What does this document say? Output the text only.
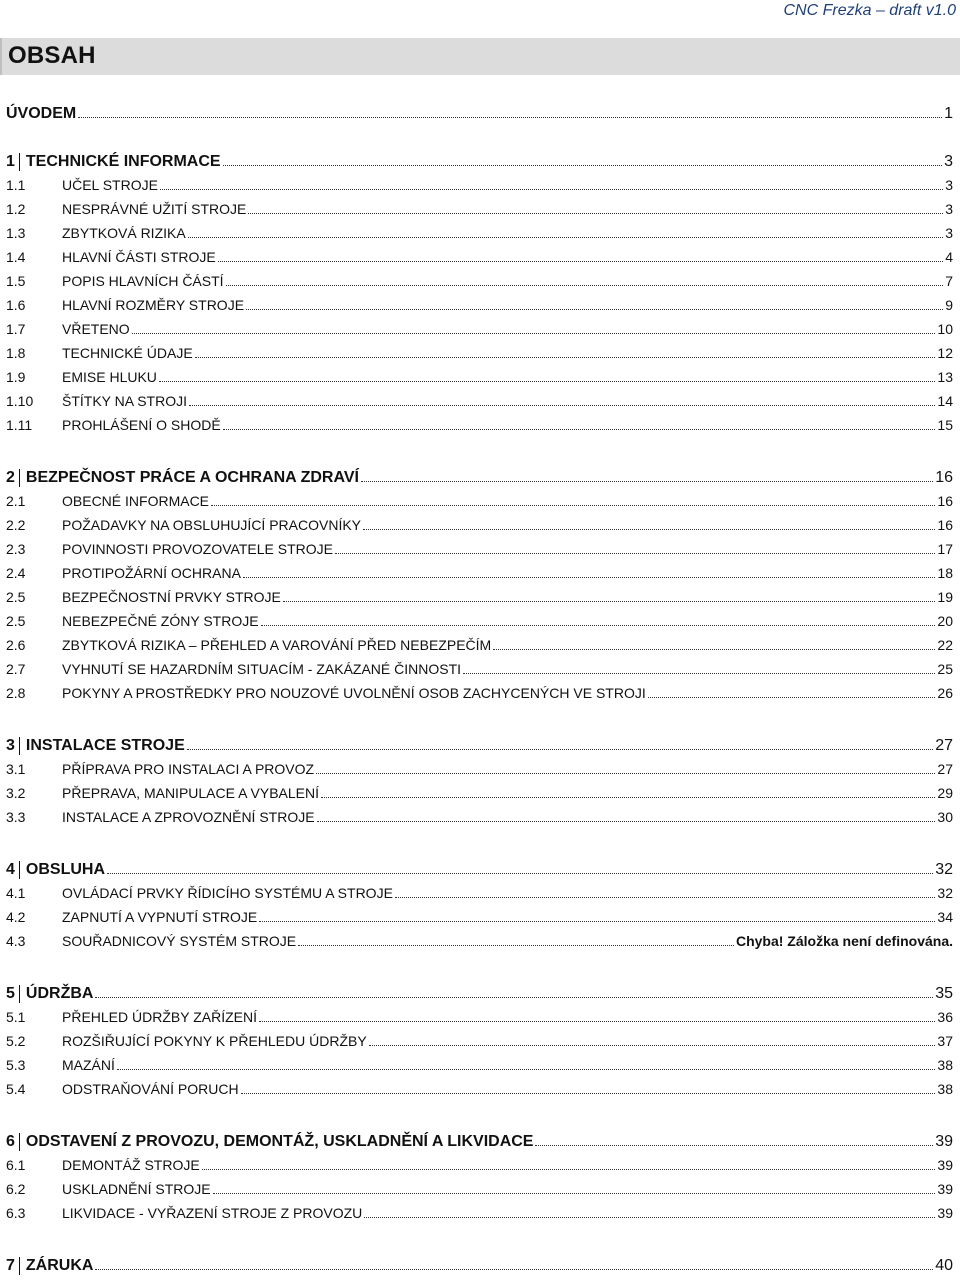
CNC Frezka – draft v1.0
OBSAH
ÚVODEM	1
1 TECHNICKÉ INFORMACE	3
1.1	UČEL STROJE	3
1.2	NESPRÁVNÉ UŽITÍ STROJE	3
1.3	ZBYTKOVÁ RIZIKA	3
1.4	HLAVNÍ ČÁSTI STROJE	4
1.5	POPIS HLAVNÍCH ČÁSTÍ	7
1.6	HLAVNÍ ROZMĚRY STROJE	9
1.7	VŘETENO	10
1.8	TECHNICKÉ ÚDAJE	12
1.9	EMISE HLUKU	13
1.10	ŠTÍTKY NA STROJI	14
1.11	PROHLÁŠENÍ O SHODĚ	15
2 BEZPEČNOST PRÁCE A OCHRANA ZDRAVÍ	16
2.1	OBECNÉ INFORMACE	16
2.2	POŽADAVKY NA OBSLUHUJÍCÍ PRACOVNÍKY	16
2.3	POVINNOSTI PROVOZOVATELE STROJE	17
2.4	PROTIPOŽÁRNÍ OCHRANA	18
2.5	BEZPEČNOSTNÍ PRVKY STROJE	19
2.5	NEBEZPEČNÉ ZÓNY STROJE	20
2.6	ZBYTKOVÁ RIZIKA – PŘEHLED A VAROVÁNÍ PŘED NEBEZPEČÍM	22
2.7	VYHNUTÍ SE HAZARDNÍM SITUACÍM - ZAKÁZANÉ ČINNOSTI	25
2.8	POKYNY A PROSTŘEDKY PRO NOUZOVÉ UVOLNĚNÍ OSOB ZACHYCENÝCH VE STROJI	26
3 INSTALACE STROJE	27
3.1	PŘÍPRAVA PRO INSTALACI A PROVOZ	27
3.2	PŘEPRAVA, MANIPULACE A VYBALENÍ	29
3.3	INSTALACE A ZPROVOZNĚNÍ STROJE	30
4 OBSLUHA	32
4.1	OVLÁDACÍ PRVKY ŘÍDICÍHO SYSTÉMU A STROJE	32
4.2	ZAPNUTÍ A VYPNUTÍ STROJE	34
4.3	SOUŘADNICOVÝ SYSTÉM STROJE	Chyba! Záložka není definována.
5 ÚDRŽBA	35
5.1	PŘEHLED ÚDRŽBY ZAŘÍZENÍ	36
5.2	ROZŠIŘUJÍCÍ POKYNY K PŘEHLEDU ÚDRŽBY	37
5.3	MAZÁNÍ	38
5.4	ODSTRAŇOVÁNÍ PORUCH	38
6 ODSTAVENÍ Z PROVOZU, DEMONTÁŽ, USKLADNĚNÍ A LIKVIDACE	39
6.1	DEMONTÁŽ STROJE	39
6.2	USKLADNĚNÍ STROJE	39
6.3	LIKVIDACE - VYŘAZENÍ STROJE Z PROVOZU	39
7 ZÁRUKA	40
